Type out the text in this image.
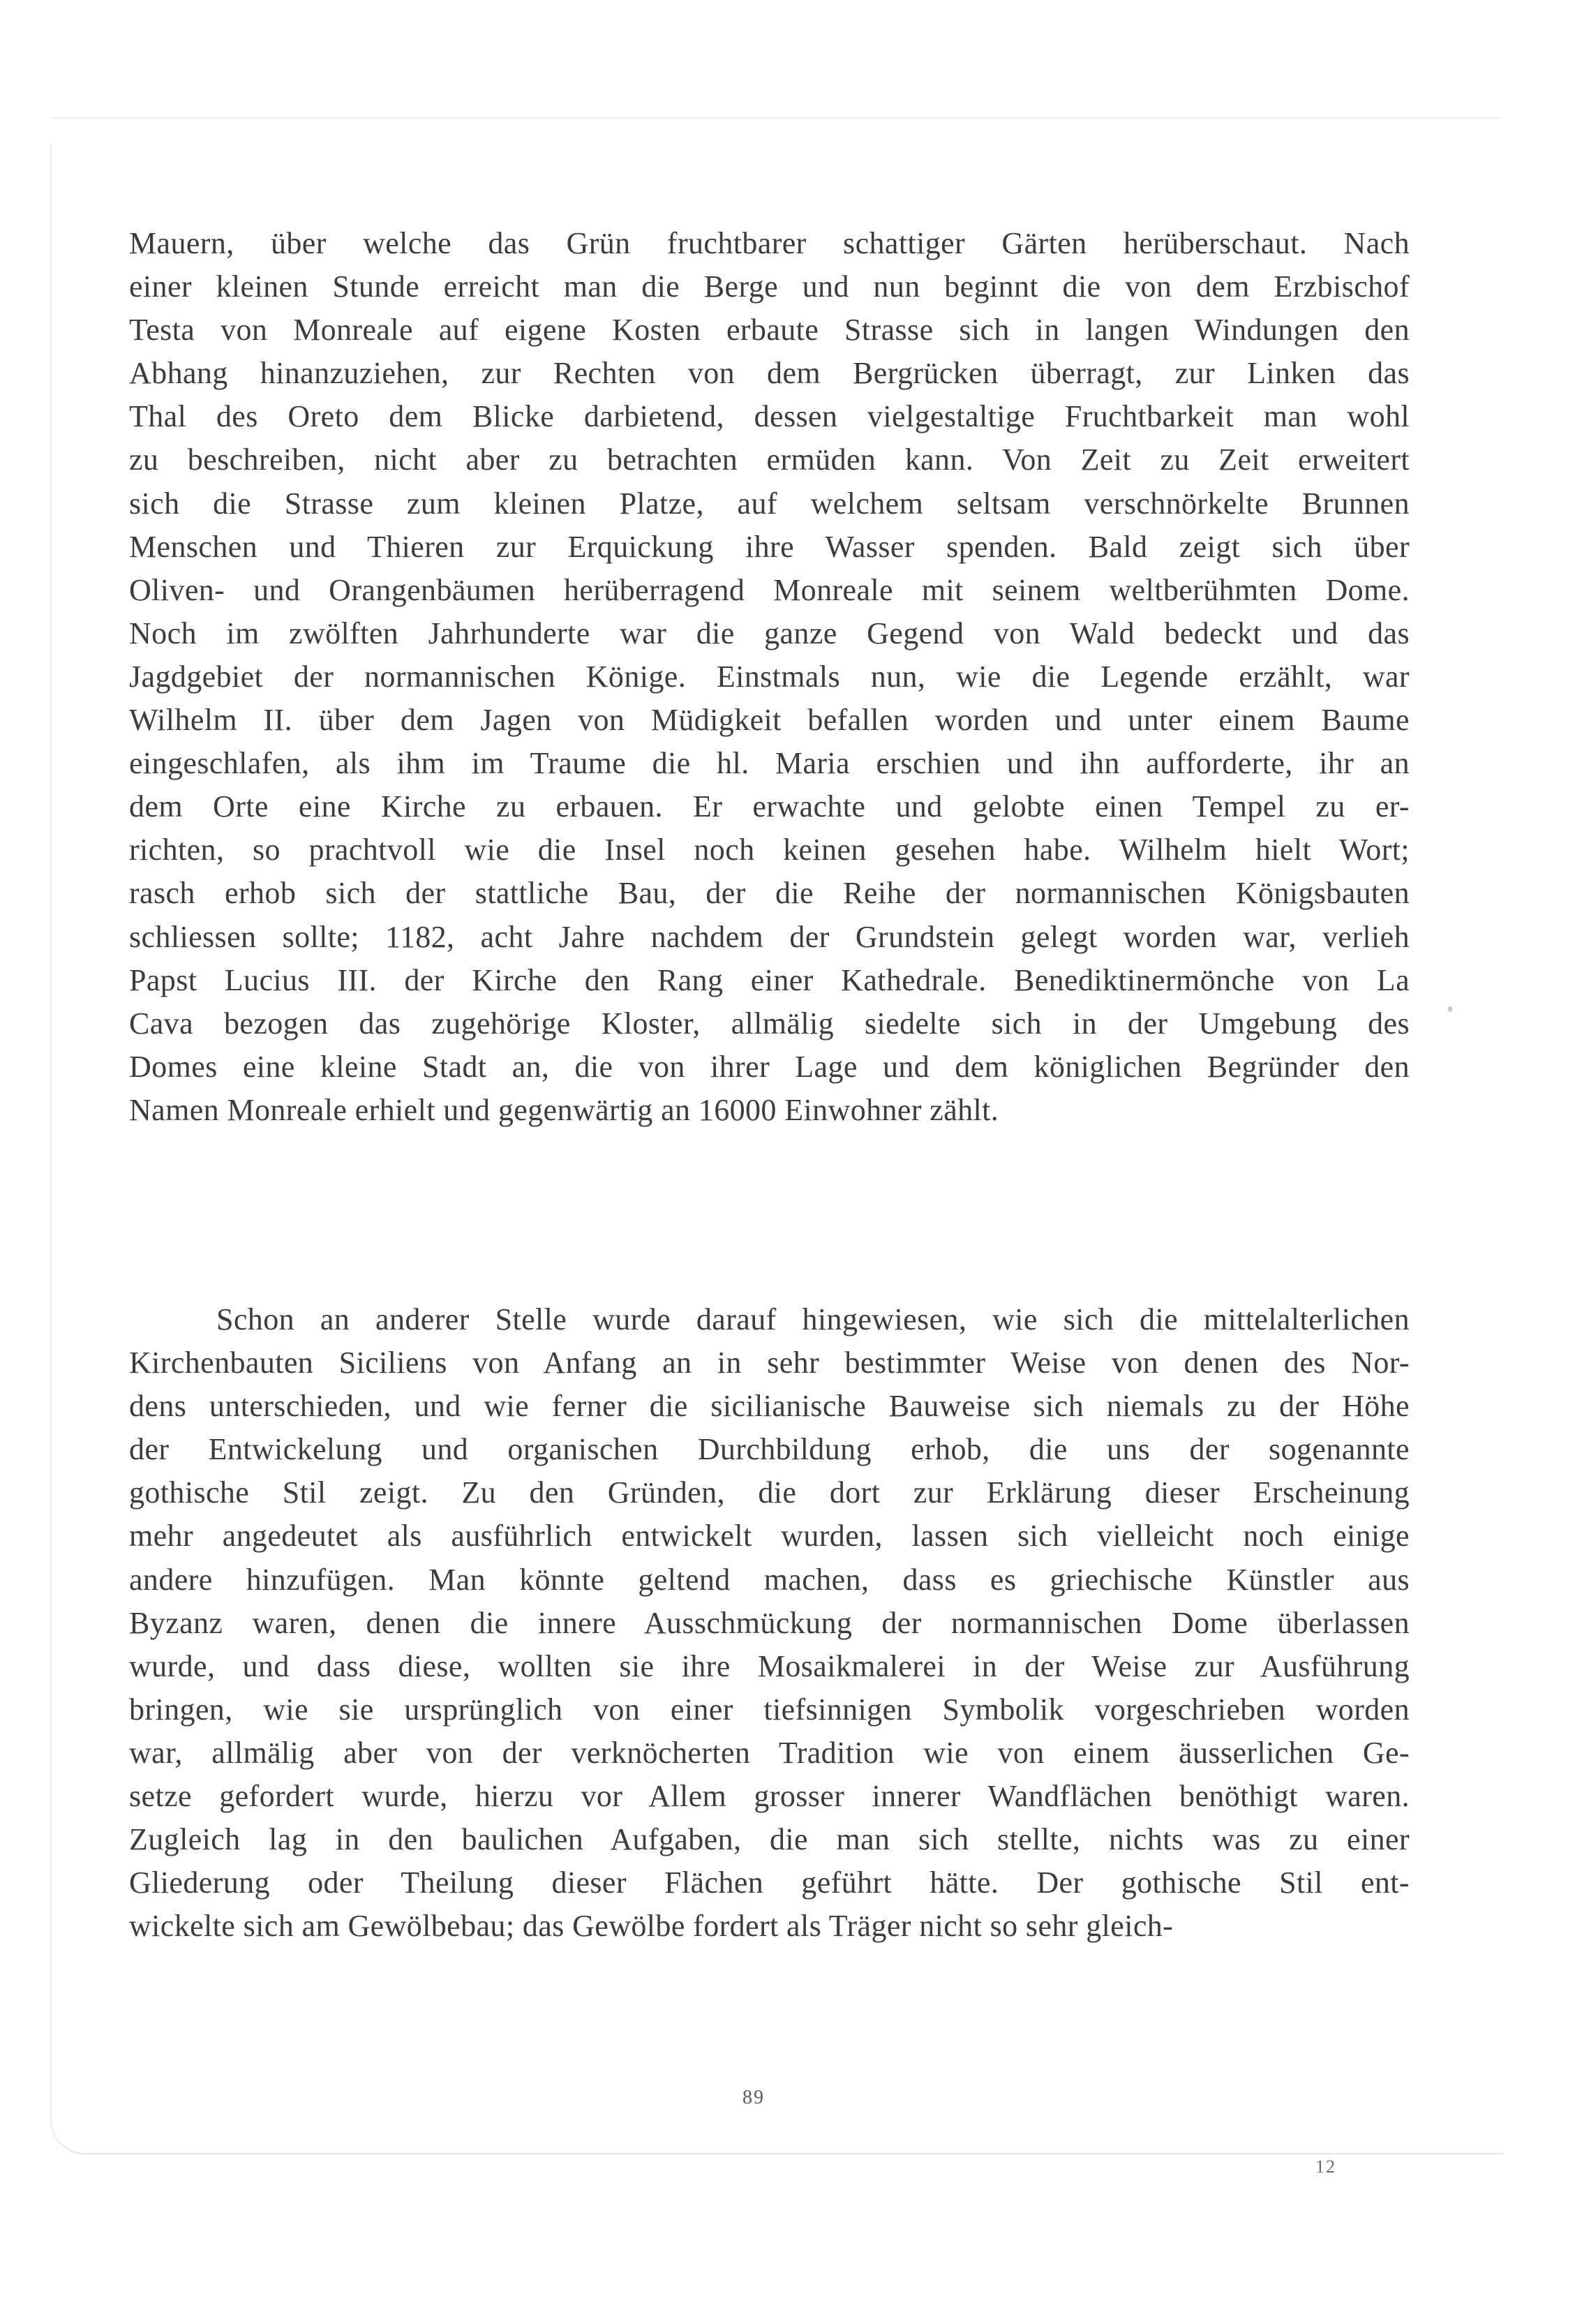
Mauern, über welche das Grün fruchtbarer schattiger Gärten herüberschaut. Nach
einer kleinen Stunde erreicht man die Berge und nun beginnt die von dem Erzbischof
Testa von Monreale auf eigene Kosten erbaute Strasse sich in langen Windungen den
Abhang hinanzuziehen, zur Rechten von dem Bergrücken überragt, zur Linken das
Thal des Oreto dem Blicke darbietend, dessen vielgestaltige Fruchtbarkeit man wohl
zu beschreiben, nicht aber zu betrachten ermüden kann. Von Zeit zu Zeit erweitert
sich die Strasse zum kleinen Platze, auf welchem seltsam verschnörkelte Brunnen
Menschen und Thieren zur Erquickung ihre Wasser spenden. Bald zeigt sich über
Oliven- und Orangenbäumen herüberragend Monreale mit seinem weltberühmten Dome.
Noch im zwölften Jahrhunderte war die ganze Gegend von Wald bedeckt und das
Jagdgebiet der normannischen Könige. Einstmals nun, wie die Legende erzählt, war
Wilhelm II. über dem Jagen von Müdigkeit befallen worden und unter einem Baume
eingeschlafen, als ihm im Traume die hl. Maria erschien und ihn aufforderte, ihr an
dem Orte eine Kirche zu erbauen. Er erwachte und gelobte einen Tempel zu er-
richten, so prachtvoll wie die Insel noch keinen gesehen habe. Wilhelm hielt Wort;
rasch erhob sich der stattliche Bau, der die Reihe der normannischen Königsbauten
schliessen sollte; 1182, acht Jahre nachdem der Grundstein gelegt worden war, verlieh
Papst Lucius III. der Kirche den Rang einer Kathedrale. Benediktinermönche von La
Cava bezogen das zugehörige Kloster, allmälig siedelte sich in der Umgebung des
Domes eine kleine Stadt an, die von ihrer Lage und dem königlichen Begründer den
Namen Monreale erhielt und gegenwärtig an 16000 Einwohner zählt.
Schon an anderer Stelle wurde darauf hingewiesen, wie sich die mittelalterlichen
Kirchenbauten Siciliens von Anfang an in sehr bestimmter Weise von denen des Nor-
dens unterschieden, und wie ferner die sicilianische Bauweise sich niemals zu der Höhe
der Entwickelung und organischen Durchbildung erhob, die uns der sogenannte
gothische Stil zeigt. Zu den Gründen, die dort zur Erklärung dieser Erscheinung
mehr angedeutet als ausführlich entwickelt wurden, lassen sich vielleicht noch einige
andere hinzufügen. Man könnte geltend machen, dass es griechische Künstler aus
Byzanz waren, denen die innere Ausschmückung der normannischen Dome überlassen
wurde, und dass diese, wollten sie ihre Mosaikmalerei in der Weise zur Ausführung
bringen, wie sie ursprünglich von einer tiefsinnigen Symbolik vorgeschrieben worden
war, allmälig aber von der verknöcherten Tradition wie von einem äusserlichen Ge-
setze gefordert wurde, hierzu vor Allem grosser innerer Wandflächen benöthigt waren.
Zugleich lag in den baulichen Aufgaben, die man sich stellte, nichts was zu einer
Gliederung oder Theilung dieser Flächen geführt hätte. Der gothische Stil ent-
wickelte sich am Gewölbebau; das Gewölbe fordert als Träger nicht so sehr gleich-
89
12
